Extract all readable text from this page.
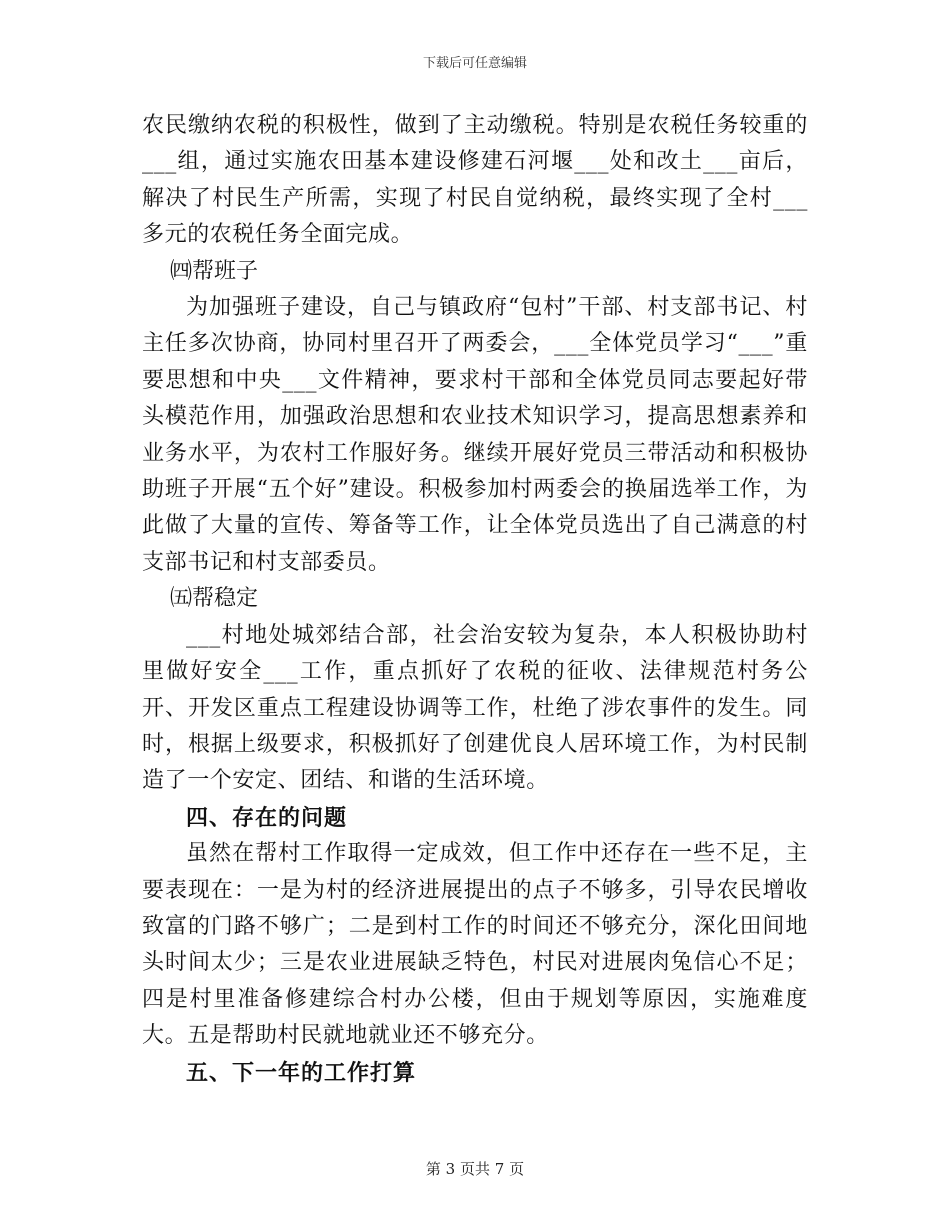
下载后可任意编辑

农民缴纳农税的积极性，做到了主动缴税。特别是农税任务较重的___组，通过实施农田基本建设修建石河堰___处和改土___亩后，解决了村民生产所需，实现了村民自觉纳税，最终实现了全村___多元的农税任务全面完成。

㈣帮班子

为加强班子建设，自己与镇政府“包村”干部、村支部书记、村主任多次协商，协同村里召开了两委会，___全体党员学习“___”重要思想和中央___文件精神，要求村干部和全体党员同志要起好带头模范作用，加强政治思想和农业技术知识学习，提高思想素养和业务水平，为农村工作服好务。继续开展好党员三带活动和积极协助班子开展“五个好”建设。积极参加村两委会的换届选举工作，为此做了大量的宣传、筹备等工作，让全体党员选出了自己满意的村支部书记和村支部委员。

㈤帮稳定

___村地处城郊结合部，社会治安较为复杂，本人积极协助村里做好安全___工作，重点抓好了农税的征收、法律规范村务公开、开发区重点工程建设协调等工作，杜绝了涉农事件的发生。同时，根据上级要求，积极抓好了创建优良人居环境工作，为村民制造了一个安定、团结、和谐的生活环境。

四、存在的问题

虽然在帮村工作取得一定成效，但工作中还存在一些不足，主要表现在：一是为村的经济进展提出的点子不够多，引导农民增收致富的门路不够广；二是到村工作的时间还不够充分，深化田间地头时间太少；三是农业进展缺乏特色，村民对进展肉兔信心不足；四是村里准备修建综合村办公楼，但由于规划等原因，实施难度大。五是帮助村民就地就业还不够充分。

五、下一年的工作打算

第 3 页共 7 页
